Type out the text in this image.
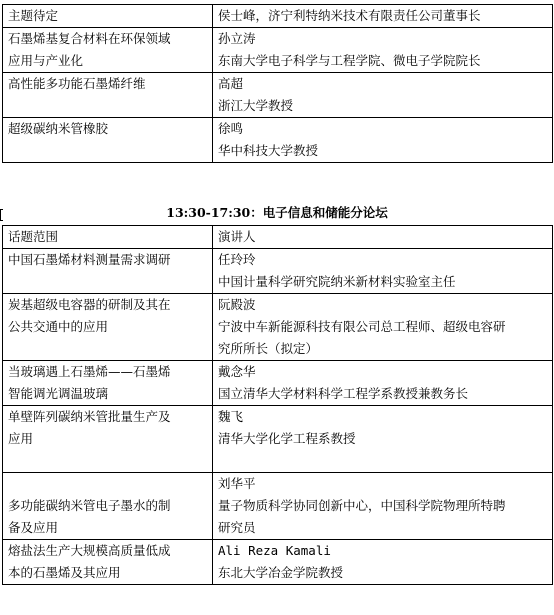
主题待定	侯士峰，济宁利特纳米技术有限责任公司董事长

石墨烯基复合材料在环保领域
应用与产业化	孙立涛
东南大学电子科学与工程学院、微电子学院院长

高性能多功能石墨烯纤维	高超
浙江大学教授

超级碳纳米管橡胶	徐鸣
华中科技大学教授
13:30-17:30：电子信息和储能分论坛
话题范围	演讲人

中国石墨烯材料测量需求调研	任玲玲
中国计量科学研究院纳米新材料实验室主任

炭基超级电容器的研制及其在
公共交通中的应用	阮殿波
宁波中车新能源科技有限公司总工程师、超级电容研
究所所长（拟定）

当玻璃遇上石墨烯——石墨烯
智能调光调温玻璃	戴念华
国立清华大学材料科学工程学系教授兼教务长

单壁阵列碳纳米管批量生产及
应用	魏飞
清华大学化学工程系教授

多功能碳纳米管电子墨水的制
备及应用	刘华平
量子物质科学协同创新中心，中国科学院物理所特聘
研究员

熔盐法生产大规模高质量低成
本的石墨烯及其应用	Ali Reza Kamali
东北大学冶金学院教授
